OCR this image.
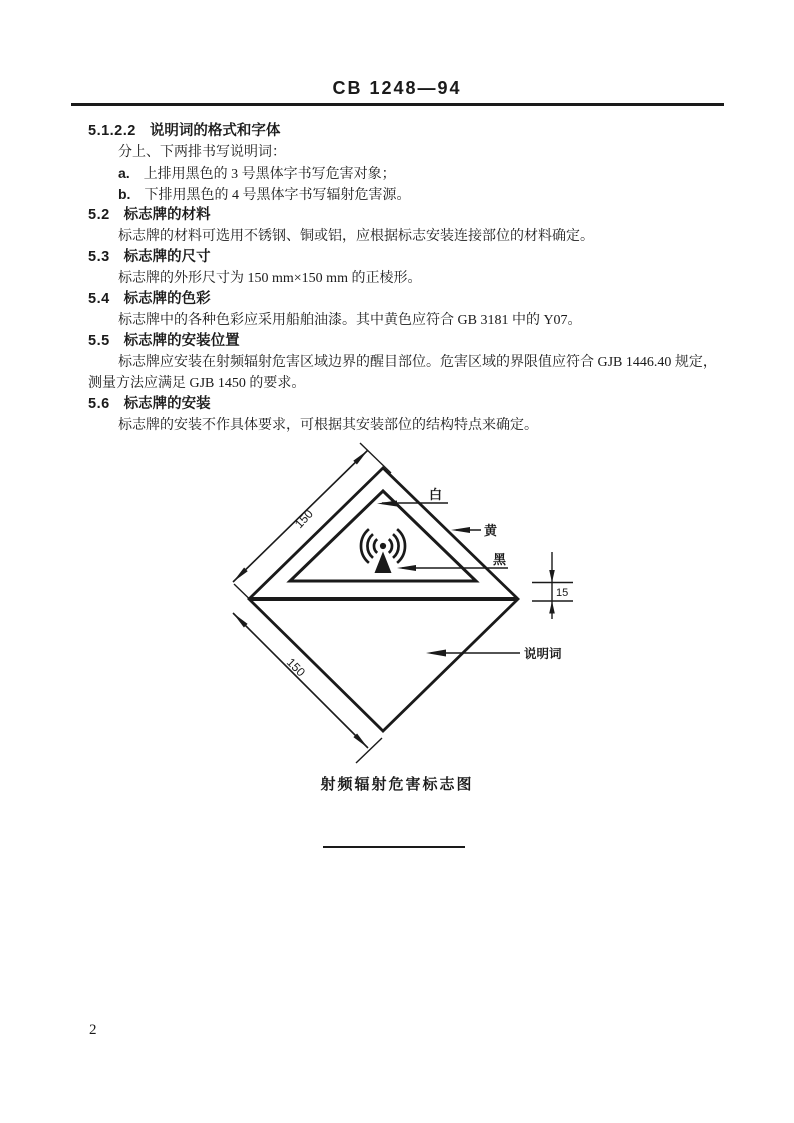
CB 1248—94
5.1.2.2 说明词的格式和字体
分上、下两排书写说明词：
a. 上排用黑色的 3 号黑体字书写危害对象；
b. 下排用黑色的 4 号黑体字书写辐射危害源。
5.2 标志牌的材料
标志牌的材料可选用不锈钢、铜或铝，应根据标志安装连接部位的材料确定。
5.3 标志牌的尺寸
标志牌的外形尺寸为 150 mm×150 mm 的正棱形。
5.4 标志牌的色彩
标志牌中的各种色彩应采用船舶油漆。其中黄色应符合 GB 3181 中的 Y07。
5.5 标志牌的安装位置
标志牌应安装在射频辐射危害区域边界的醒目部位。危害区域的界限值应符合 GJB 1446.40 规定，
测量方法应满足 GJB 1450 的要求。
5.6 标志牌的安装
标志牌的安装不作具体要求，可根据其安装部位的结构特点来确定。
白
黄
黑
说明词
15
150
150
射频辐射危害标志图
2
